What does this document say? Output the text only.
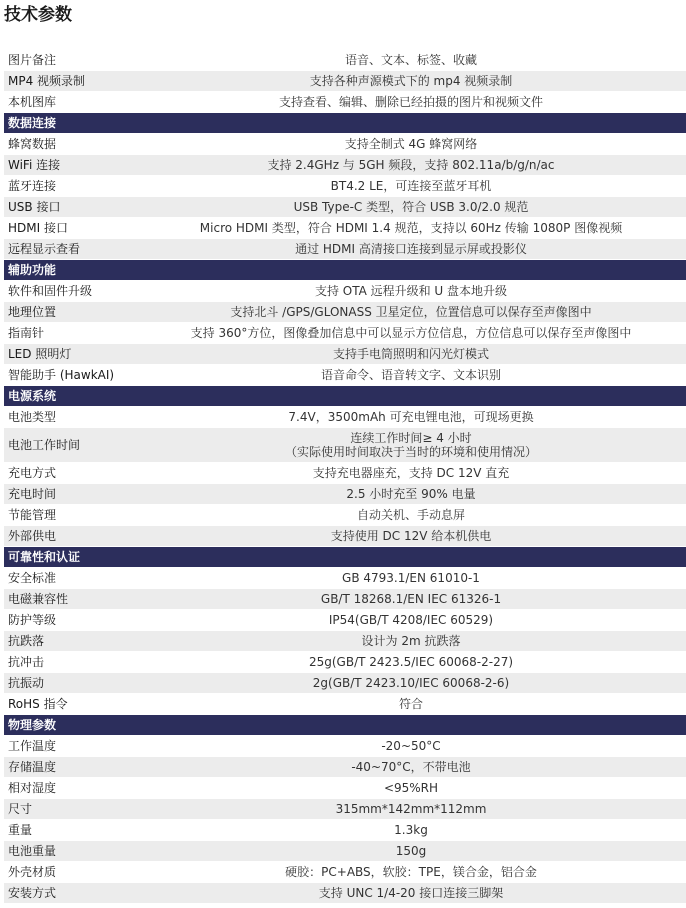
技术参数
图片备注	语音、文本、标签、收藏

MP4 视频录制	支持各种声源模式下的 mp4 视频录制

本机图库	支持查看、编辑、删除已经拍摄的图片和视频文件

数据连接	
蜂窝数据	支持全制式 4G 蜂窝网络

WiFi 连接	支持 2.4GHz 与 5GH 频段，支持 802.11a/b/g/n/ac

蓝牙连接	BT4.2 LE，可连接至蓝牙耳机

USB 接口	USB Type-C 类型，符合 USB 3.0/2.0 规范

HDMI 接口	Micro HDMI 类型，符合 HDMI 1.4 规范，支持以 60Hz 传输 1080P 图像视频

远程显示查看	通过 HDMI 高清接口连接到显示屏或投影仪

辅助功能	
软件和固件升级	支持 OTA 远程升级和 U 盘本地升级

地理位置	支持北斗 /GPS/GLONASS 卫星定位，位置信息可以保存至声像图中

指南针	支持 360°方位，图像叠加信息中可以显示方位信息，方位信息可以保存至声像图中

LED 照明灯	支持手电筒照明和闪光灯模式

智能助手 (HawkAI)	语音命令、语音转文字、文本识别

电源系统	
电池类型	7.4V，3500mAh 可充电锂电池，可现场更换

电池工作时间	连续工作时间≥ 4 小时
（实际使用时间取决于当时的环境和使用情况）

充电方式	支持充电器座充，支持 DC 12V 直充

充电时间	2.5 小时充至 90% 电量

节能管理	自动关机、手动息屏

外部供电	支持使用 DC 12V 给本机供电

可靠性和认证	
安全标准	GB 4793.1/EN 61010-1

电磁兼容性	GB/T 18268.1/EN IEC 61326-1

防护等级	IP54(GB/T 4208/IEC 60529)

抗跌落	设计为 2m 抗跌落

抗冲击	25g(GB/T 2423.5/IEC 60068-2-27)

抗振动	2g(GB/T 2423.10/IEC 60068-2-6)

RoHS 指令	符合

物理参数	
工作温度	-20~50°C

存储温度	-40~70°C，不带电池

相对湿度	<95%RH

尺寸	315mm*142mm*112mm

重量	1.3kg

电池重量	150g

外壳材质	硬胶：PC+ABS，软胶：TPE，镁合金，铝合金

安装方式	支持 UNC 1/4-20 接口连接三脚架
